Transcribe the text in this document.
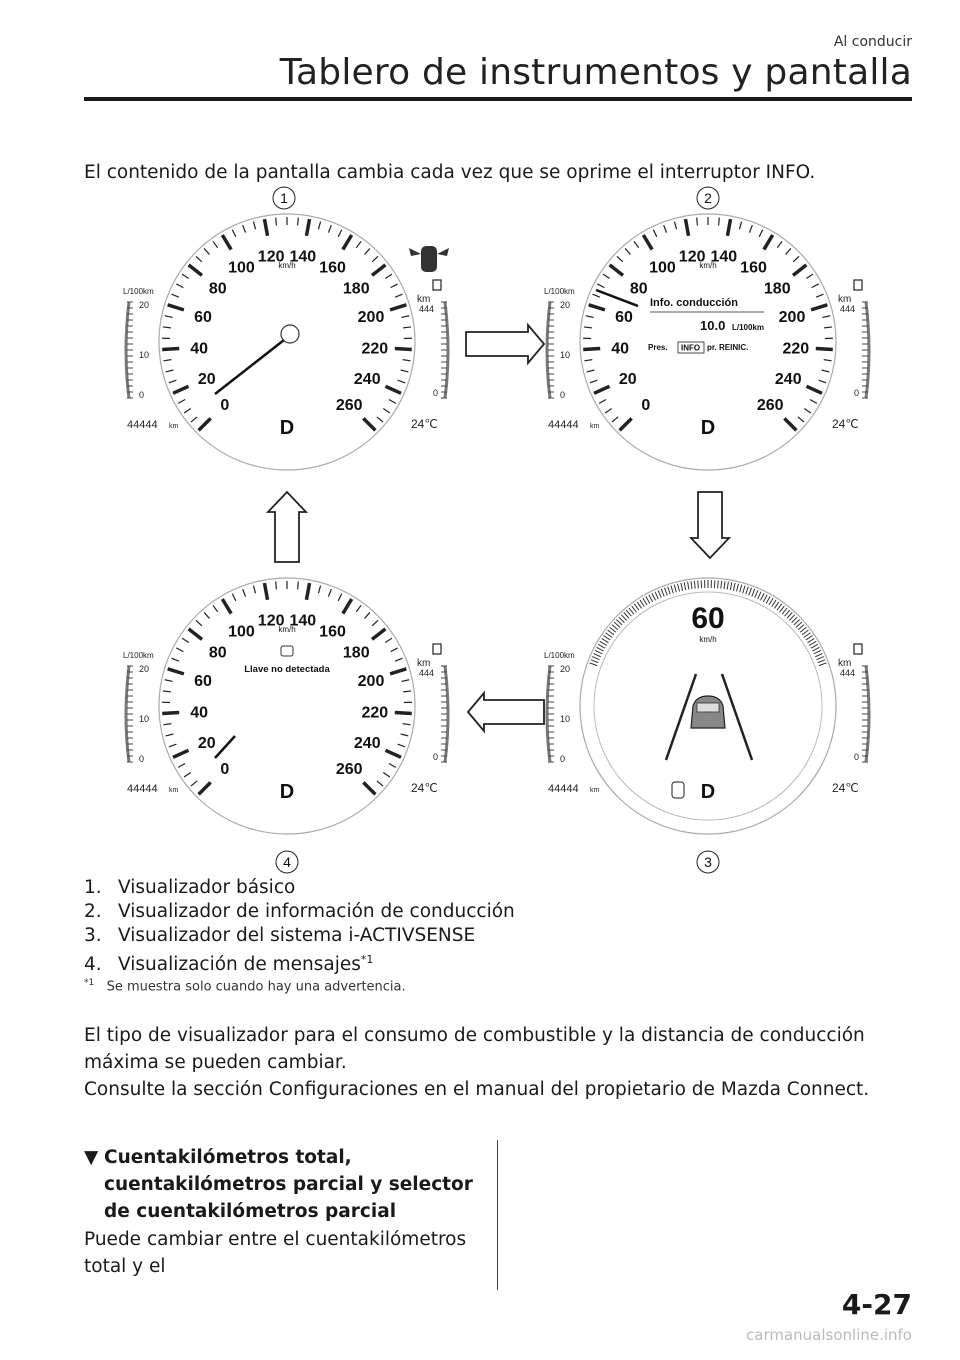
Al conducir
Tablero de instrumentos y pantalla
El contenido de la pantalla cambia cada vez que se oprime el interruptor INFO.
0
20
40
60
80
100
120 140
160
180
200
220
240
260
km/h
D
L/100km
20
10
0
44444 km
km
444
0
24℃
0
20
40
60
80
100
120 140
160
180
200
220
240
260
km/h
D
L/100km
20
10
0
44444 km
km
444
0
24℃
Info. conducción
10.0 L/100km
Pres. INFO pr. REINIC.
60
km/h
D
L/100km
20
10
0
44444 km
km
444
0
24℃
0
20
40
60
80
100
120 140
160
180
200
220
240
260
km/h
D
L/100km
20
10
0
44444 km
km
444
0
24℃
Llave no detectada
1	2
3
4
1. Visualizador básico
2. Visualizador de información de conducción
3. Visualizador del sistema i-ACTIVSENSE
4. Visualización de mensajes$^{*1}$
$^{*1}$ Se muestra solo cuando hay una advertencia.

El tipo de visualizador para el consumo de combustible y la distancia de conducción máxima se pueden cambiar.

Consulte la sección Configuraciones en el manual del propietario de Mazda Connect.

▼ Cuentakilómetros total, cuentakilómetros parcial y selector de cuentakilómetros parcial
Puede cambiar entre el cuentakilómetros total y el
4-27
carmanualsonline.info
